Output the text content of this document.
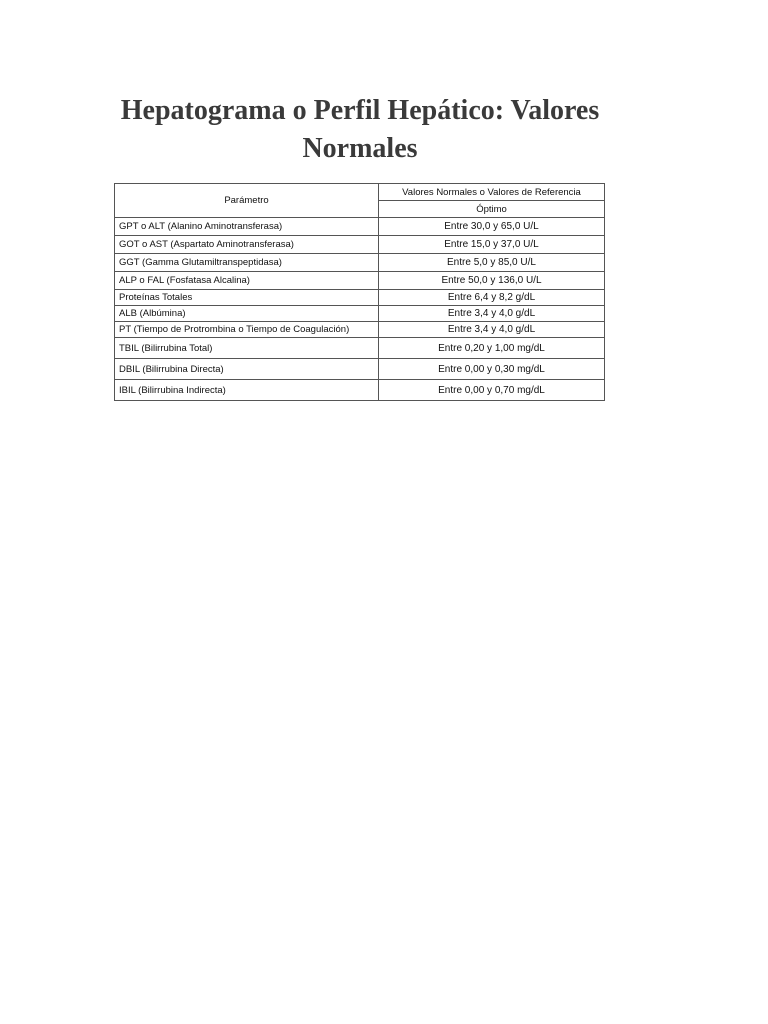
Hepatograma o Perfil Hepático: Valores
Normales
Parámetro	Valores Normales o Valores de Referencia
	Óptimo
GPT o ALT (Alanino Aminotransferasa)	Entre 30,0 y 65,0 U/L
GOT o AST (Aspartato Aminotransferasa)	Entre 15,0 y 37,0 U/L
GGT (Gamma Glutamiltranspeptidasa)	Entre 5,0 y 85,0 U/L
ALP o FAL (Fosfatasa Alcalina)	Entre 50,0 y 136,0 U/L
Proteínas Totales	Entre 6,4 y 8,2 g/dL
ALB (Albúmina)	Entre 3,4 y 4,0 g/dL
PT (Tiempo de Protrombina o Tiempo de Coagulación)	Entre 3,4 y 4,0 g/dL
TBIL (Bilirrubina Total)	Entre 0,20 y 1,00 mg/dL
DBIL (Bilirrubina Directa)	Entre 0,00 y 0,30 mg/dL
IBIL (Bilirrubina Indirecta)	Entre 0,00 y 0,70 mg/dL
